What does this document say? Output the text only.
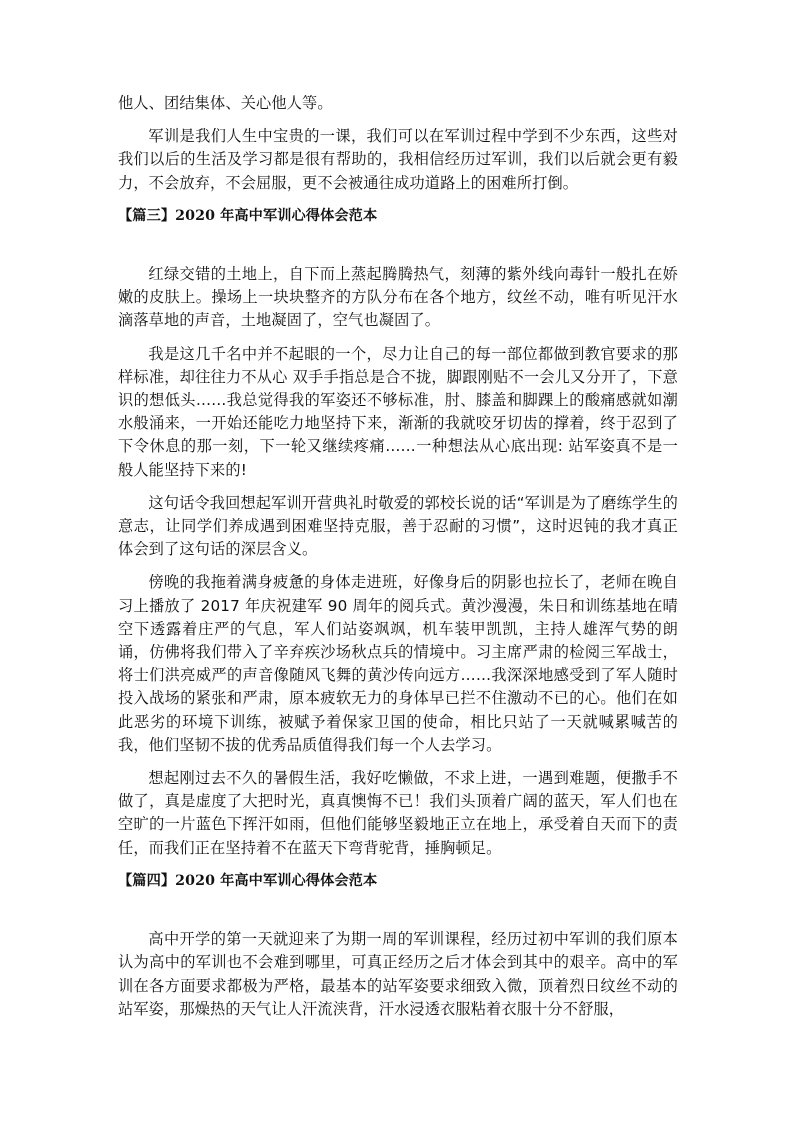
他人、团结集体、关心他人等。

军训是我们人生中宝贵的一课，我们可以在军训过程中学到不少东西，这些对我们以后的生活及学习都是很有帮助的，我相信经历过军训，我们以后就会更有毅力，不会放弃，不会屈服，更不会被通往成功道路上的困难所打倒。

【篇三】2020 年高中军训心得体会范本

红绿交错的土地上，自下而上蒸起腾腾热气，刻薄的紫外线向毒针一般扎在娇嫩的皮肤上。操场上一块块整齐的方队分布在各个地方，纹丝不动，唯有听见汗水滴落草地的声音，土地凝固了，空气也凝固了。

我是这几千名中并不起眼的一个，尽力让自己的每一部位都做到教官要求的那样标准，却往往力不从心 双手手指总是合不拢，脚跟刚贴不一会儿又分开了，下意识的想低头……我总觉得我的军姿还不够标准，肘、膝盖和脚踝上的酸痛感就如潮水般涌来，一开始还能吃力地坚持下来，渐渐的我就咬牙切齿的撑着，终于忍到了下令休息的那一刻，下一轮又继续疼痛……一种想法从心底出现: 站军姿真不是一般人能坚持下来的!

这句话令我回想起军训开营典礼时敬爱的郭校长说的话“军训是为了磨练学生的意志，让同学们养成遇到困难坚持克服，善于忍耐的习惯”，这时迟钝的我才真正体会到了这句话的深层含义。

傍晚的我拖着满身疲惫的身体走进班，好像身后的阴影也拉长了，老师在晚自习上播放了 2017 年庆祝建军 90 周年的阅兵式。黄沙漫漫，朱日和训练基地在晴空下透露着庄严的气息，军人们站姿飒飒，机车装甲凯凯，主持人雄浑气势的朗诵，仿佛将我们带入了辛弃疾沙场秋点兵的情境中。习主席严肃的检阅三军战士，将士们洪亮威严的声音像随风飞舞的黄沙传向远方……我深深地感受到了军人随时投入战场的紧张和严肃，原本疲软无力的身体早已拦不住激动不已的心。他们在如此恶劣的环境下训练，被赋予着保家卫国的使命，相比只站了一天就喊累喊苦的我，他们坚韧不拔的优秀品质值得我们每一个人去学习。

想起刚过去不久的暑假生活，我好吃懒做，不求上进，一遇到难题，便撒手不做了，真是虚度了大把时光，真真懊悔不已！我们头顶着广阔的蓝天，军人们也在空旷的一片蓝色下挥汗如雨，但他们能够坚毅地正立在地上，承受着自天而下的责任，而我们正在坚持着不在蓝天下弯背驼背，捶胸顿足。

【篇四】2020 年高中军训心得体会范本

高中开学的第一天就迎来了为期一周的军训课程，经历过初中军训的我们原本认为高中的军训也不会难到哪里，可真正经历之后才体会到其中的艰辛。高中的军训在各方面要求都极为严格，最基本的站军姿要求细致入微，顶着烈日纹丝不动的站军姿，那燥热的天气让人汗流浃背，汗水浸透衣服粘着衣服十分不舒服，
